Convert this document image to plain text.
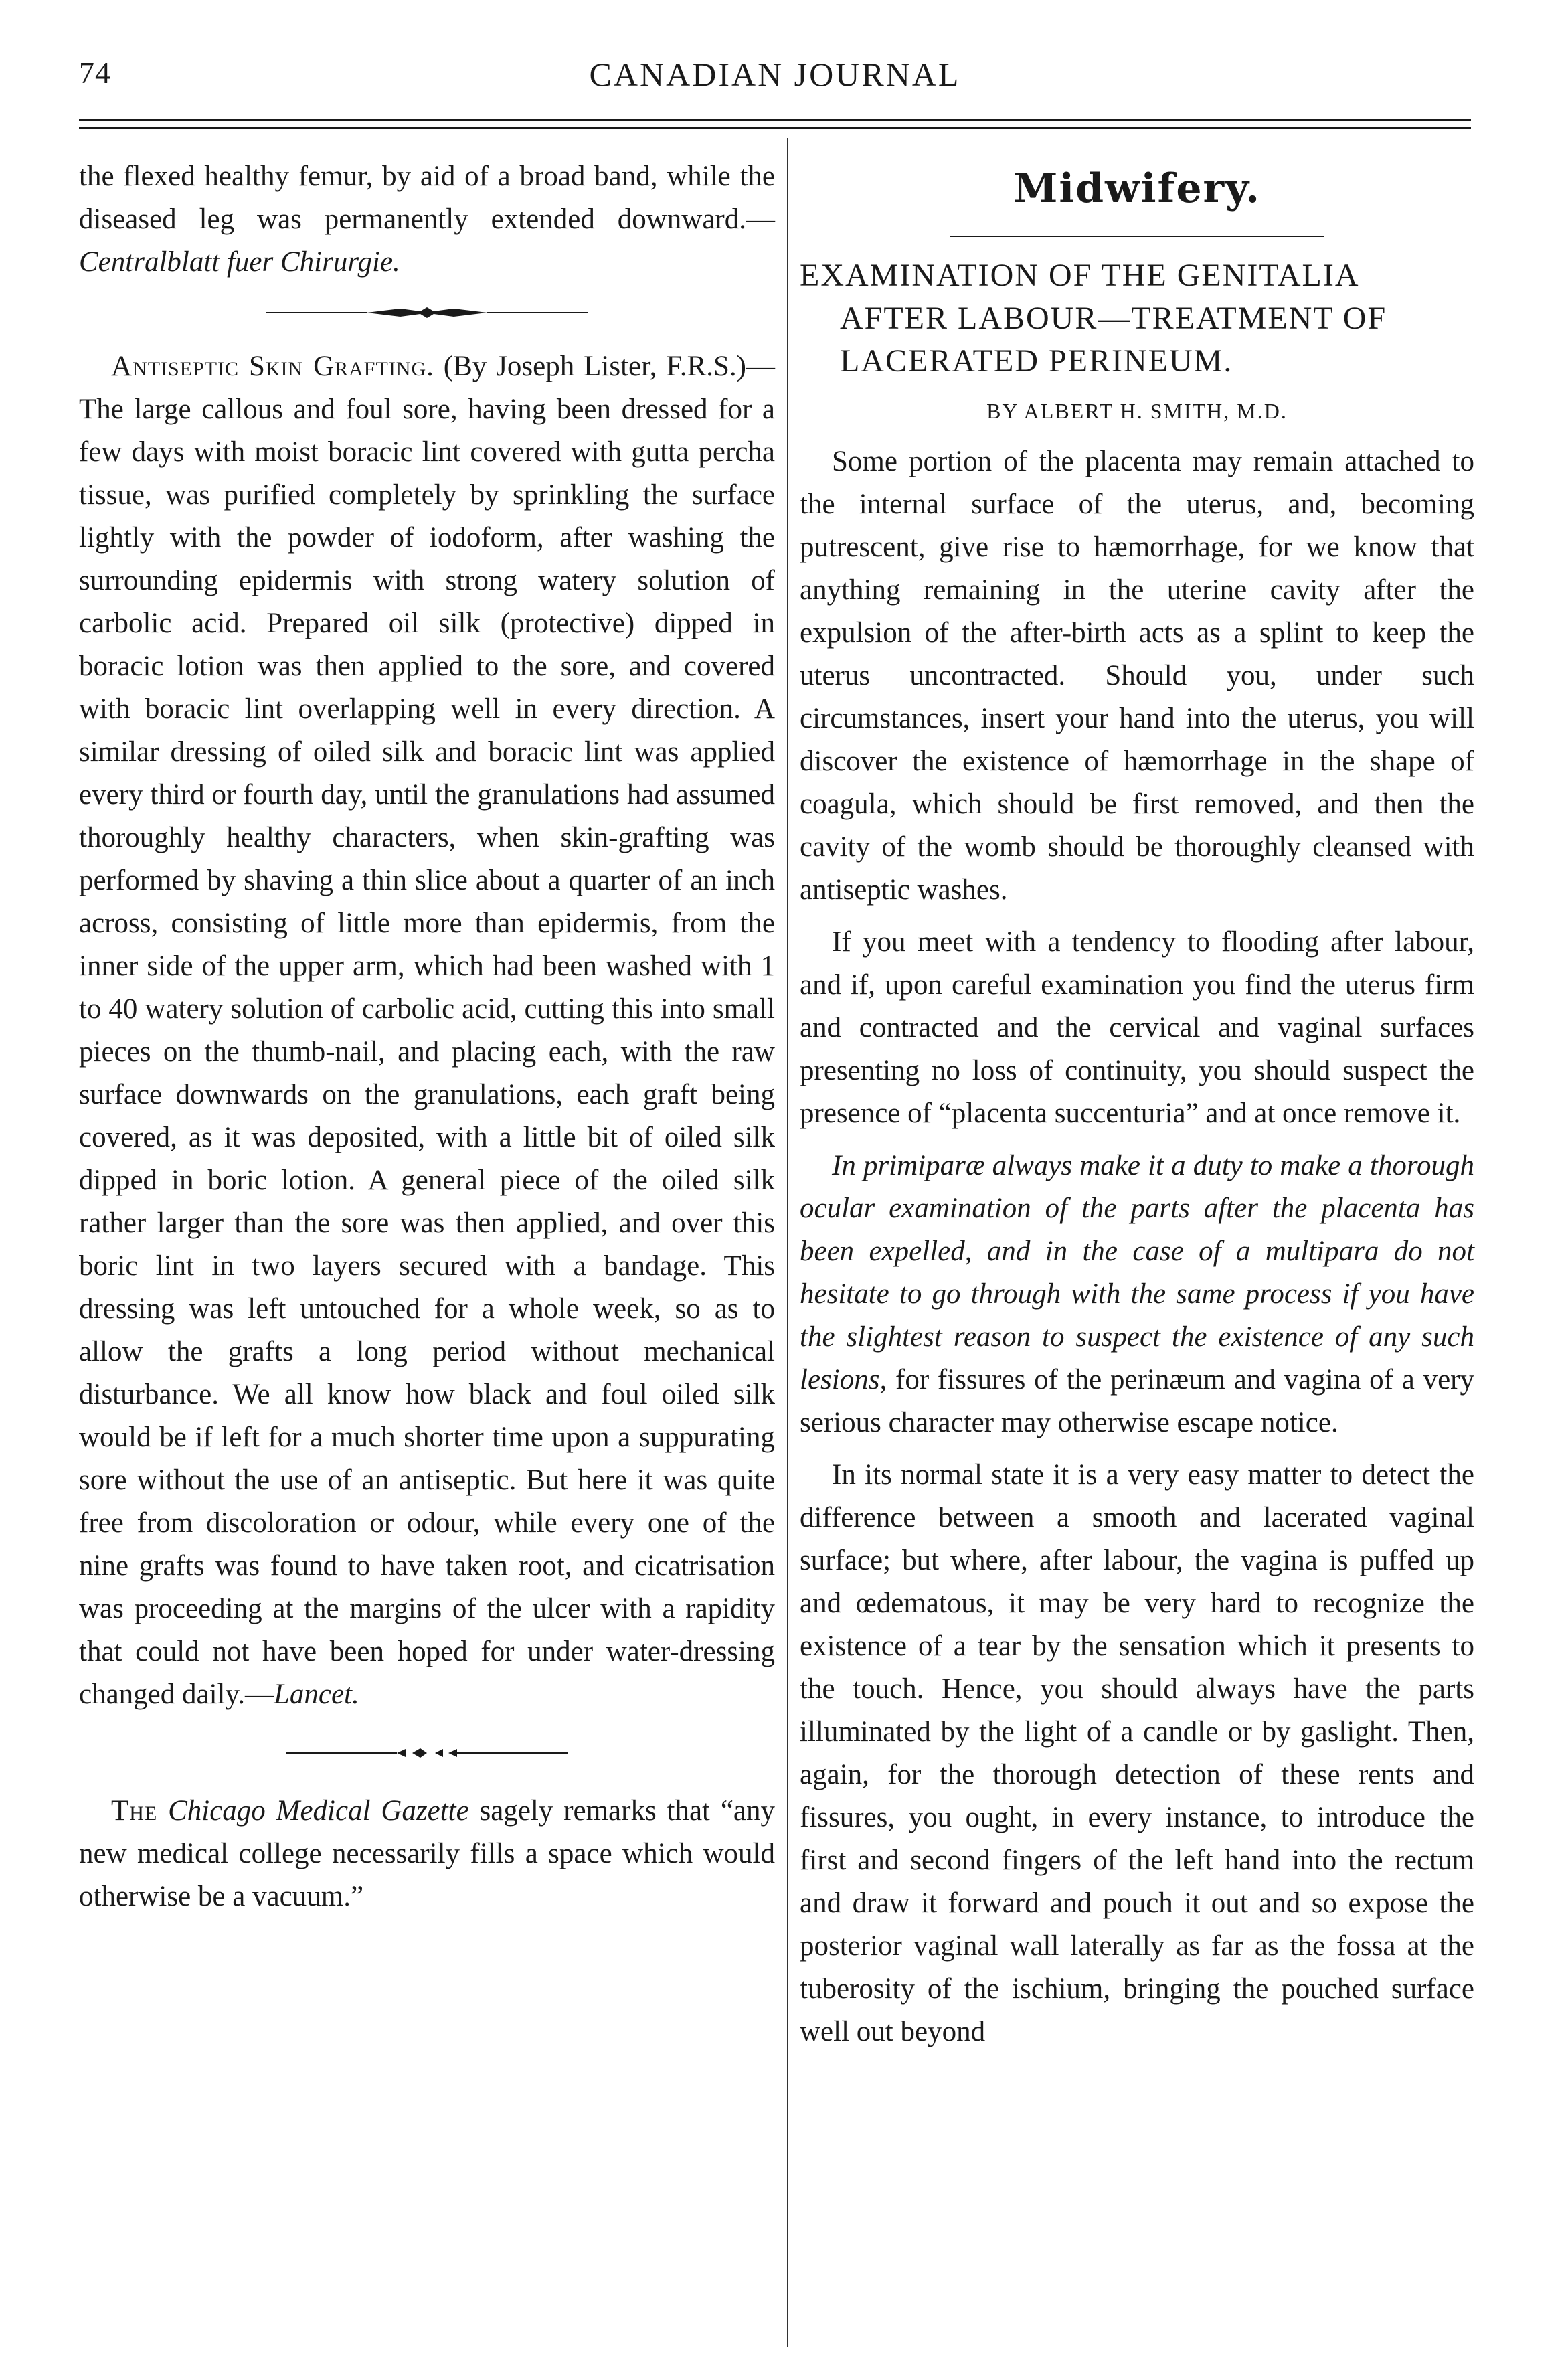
74	CANADIAN JOURNAL

the flexed healthy femur, by aid of a broad band, while the diseased leg was permanently extended downward.—Centralblatt fuer Chirurgie.

Antiseptic Skin Grafting. (By Joseph Lister, F.R.S.)—The large callous and foul sore, having been dressed for a few days with moist boracic lint covered with gutta percha tissue, was purified completely by sprinkling the surface lightly with the powder of iodoform, after washing the surrounding epidermis with strong watery solution of carbolic acid. Prepared oil silk (protective) dipped in boracic lotion was then applied to the sore, and covered with boracic lint overlapping well in every direction. A similar dressing of oiled silk and boracic lint was applied every third or fourth day, until the granulations had assumed thoroughly healthy characters, when skin-grafting was performed by shaving a thin slice about a quarter of an inch across, consisting of little more than epidermis, from the inner side of the upper arm, which had been washed with 1 to 40 watery solution of carbolic acid, cutting this into small pieces on the thumb-nail, and placing each, with the raw surface downwards on the granulations, each graft being covered, as it was deposited, with a little bit of oiled silk dipped in boric lotion. A general piece of the oiled silk rather larger than the sore was then applied, and over this boric lint in two layers secured with a bandage. This dressing was left untouched for a whole week, so as to allow the grafts a long period without mechanical disturbance. We all know how black and foul oiled silk would be if left for a much shorter time upon a suppurating sore without the use of an antiseptic. But here it was quite free from discoloration or odour, while every one of the nine grafts was found to have taken root, and cicatrisation was proceeding at the margins of the ulcer with a rapidity that could not have been hoped for under water-dressing changed daily.—Lancet.

The Chicago Medical Gazette sagely remarks that “any new medical college necessarily fills a space which would otherwise be a vacuum.”

Midwifery.
EXAMINATION OF THE GENITALIA
AFTER LABOUR—TREATMENT OF LACERATED PERINEUM.
BY ALBERT H. SMITH, M.D.

Some portion of the placenta may remain attached to the internal surface of the uterus, and, becoming putrescent, give rise to hæmorrhage, for we know that anything remaining in the uterine cavity after the expulsion of the after-birth acts as a splint to keep the uterus uncontracted. Should you, under such circumstances, insert your hand into the uterus, you will discover the existence of hæmorrhage in the shape of coagula, which should be first removed, and then the cavity of the womb should be thoroughly cleansed with antiseptic washes.

If you meet with a tendency to flooding after labour, and if, upon careful examination you find the uterus firm and contracted and the cervical and vaginal surfaces presenting no loss of continuity, you should suspect the presence of “placenta succenturia” and at once remove it.

In primiparæ always make it a duty to make a thorough ocular examination of the parts after the placenta has been expelled, and in the case of a multipara do not hesitate to go through with the same process if you have the slightest reason to suspect the existence of any such lesions, for fissures of the perinæum and vagina of a very serious character may otherwise escape notice.

In its normal state it is a very easy matter to detect the difference between a smooth and lacerated vaginal surface; but where, after labour, the vagina is puffed up and œdematous, it may be very hard to recognize the existence of a tear by the sensation which it presents to the touch. Hence, you should always have the parts illuminated by the light of a candle or by gaslight. Then, again, for the thorough detection of these rents and fissures, you ought, in every instance, to introduce the first and second fingers of the left hand into the rectum and draw it forward and pouch it out and so expose the posterior vaginal wall laterally as far as the fossa at the tuberosity of the ischium, bringing the pouched surface well out beyond
